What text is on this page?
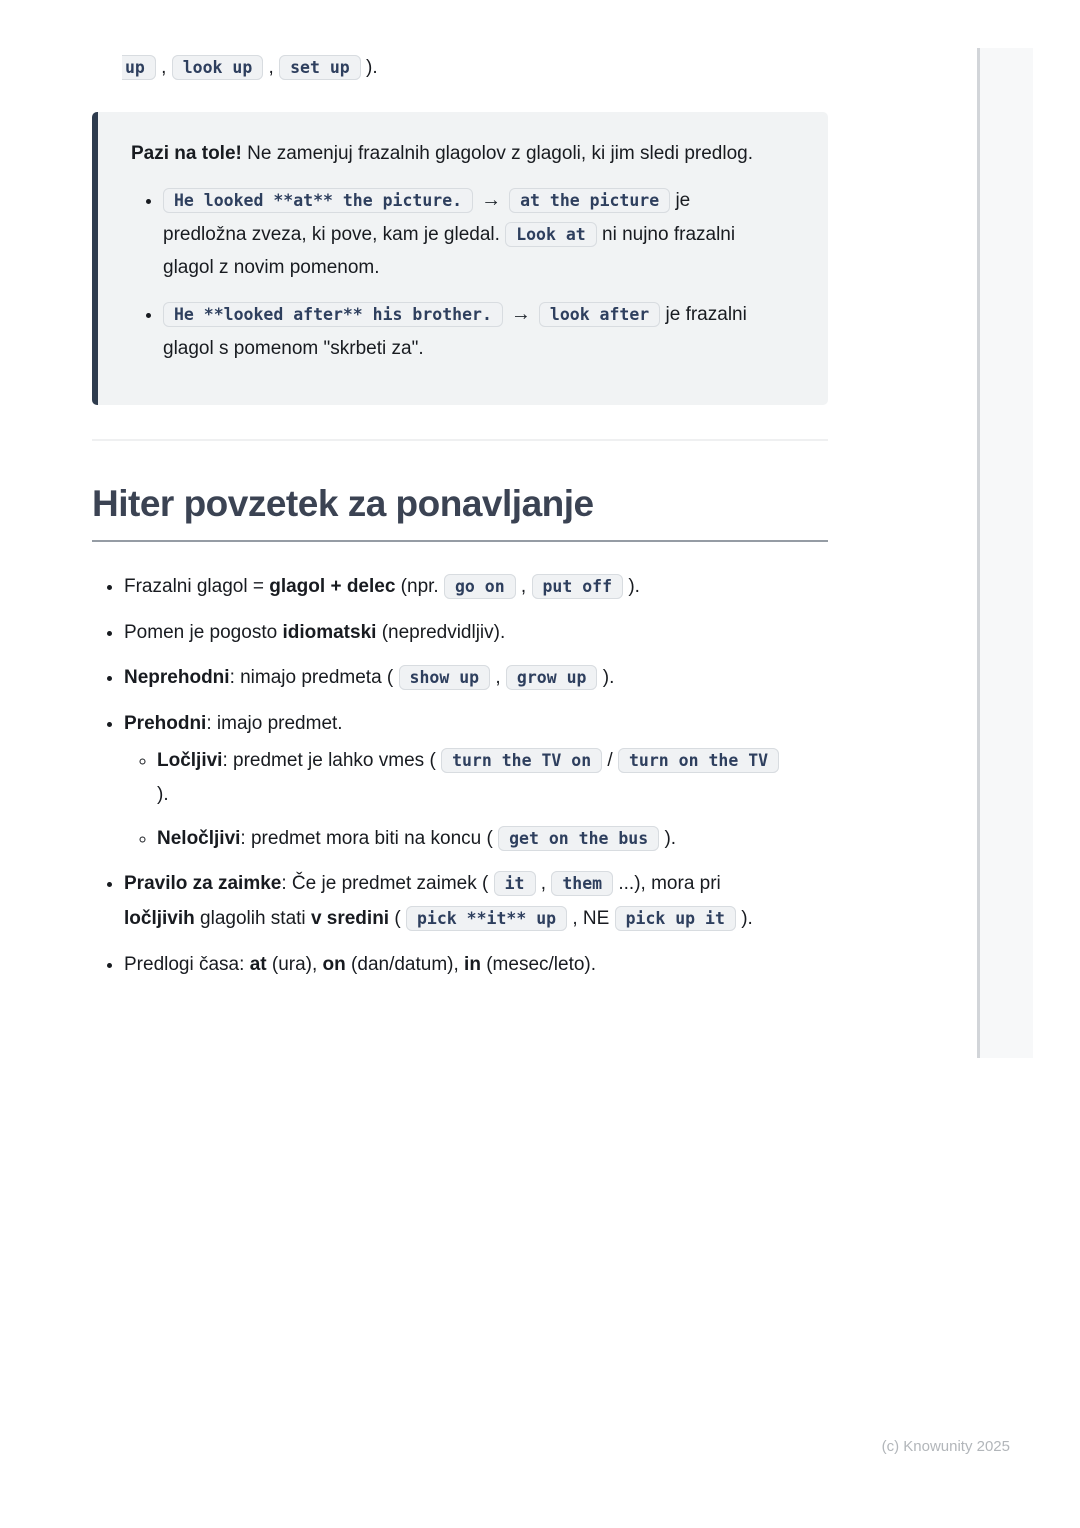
up , look up , set up ).

Pazi na tole! Ne zamenjuj frazalnih glagolov z glagoli, ki jim sledi predlog.

• He looked **at** the picture. → at the picture je predložna zveza, ki pove, kam je gledal. Look at ni nujno frazalni glagol z novim pomenom.
• He **looked after** his brother. → look after je frazalni glagol s pomenom "skrbeti za".
Hiter povzetek za ponavljanje
• Frazalni glagol = glagol + delec (npr. go on , put off ).
• Pomen je pogosto idiomatski (nepredvidljiv).
• Neprehodni: nimajo predmeta ( show up , grow up ).
• Prehodni: imajo predmet.
◦ Ločljivi: predmet je lahko vmes ( turn the TV on / turn on the TV ).
◦ Neločljivi: predmet mora biti na koncu ( get on the bus ).
• Pravilo za zaimke: Če je predmet zaimek ( it , them ...), mora pri ločljivih glagolih stati v sredini ( pick **it** up , NE pick up it ).
• Predlogi časa: at (ura), on (dan/datum), in (mesec/leto).
(c) Knowunity 2025
